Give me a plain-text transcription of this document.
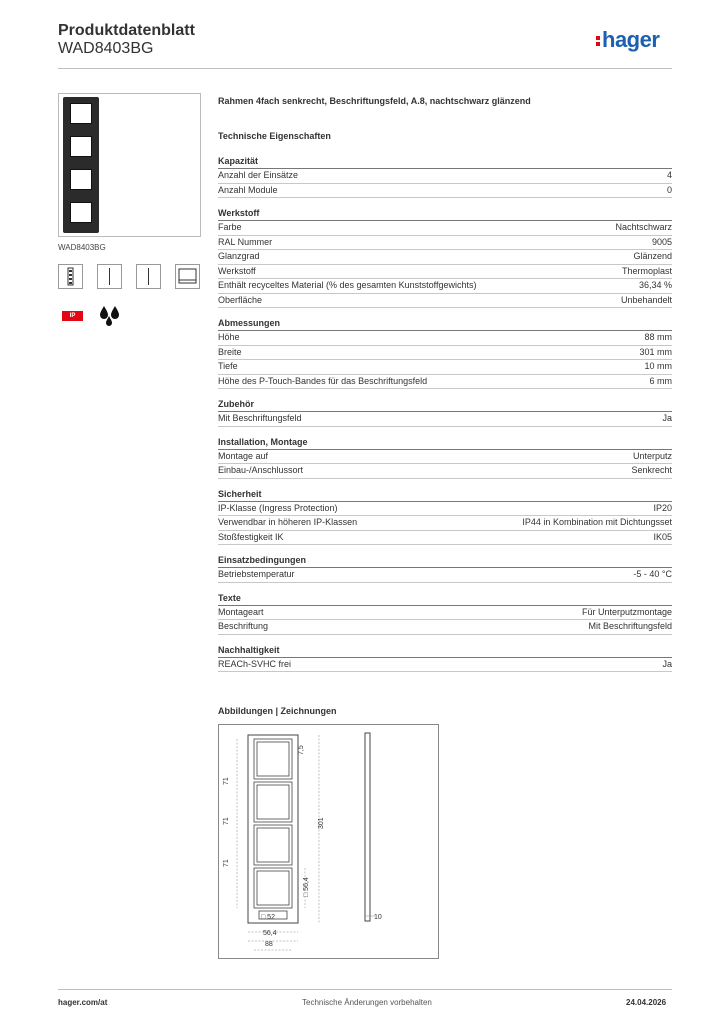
Produktdatenblatt
WAD8403BG	hager
WAD8403BG
IP
Rahmen 4fach senkrecht, Beschriftungsfeld, A.8, nachtschwarz glänzend
Technische Eigenschaften
Kapazität
Anzahl der Einsätze	4
Anzahl Module	0
Werkstoff
Farbe	Nachtschwarz
RAL Nummer	9005
Glanzgrad	Glänzend
Werkstoff	Thermoplast
Enthält recyceltes Material (% des gesamten Kunststoffgewichts)	36,34 %
Oberfläche	Unbehandelt
Abmessungen
Höhe	88 mm
Breite	301 mm
Tiefe	10 mm
Höhe des P-Touch-Bandes für das Beschriftungsfeld	6 mm
Zubehör
Mit Beschriftungsfeld	Ja
Installation, Montage
Montage auf	Unterputz
Einbau-/Anschlussort	Senkrecht
Sicherheit
IP-Klasse (Ingress Protection)	IP20
Verwendbar in höheren IP-Klassen	IP44 in Kombination mit Dichtungsset
Stoßfestigkeit IK	IK05
Einsatzbedingungen
Betriebstemperatur	-5 - 40 °C
Texte
Montageart	Für Unterputzmontage
Beschriftung	Mit Beschriftungsfeld
Nachhaltigkeit
REACh-SVHC frei	Ja
Abbildungen | Zeichnungen
7,5
71
71
71
301
□ 56,4
□ 52
56,4
88
10
hager.com/at	Technische Änderungen vorbehalten	24.04.2026
